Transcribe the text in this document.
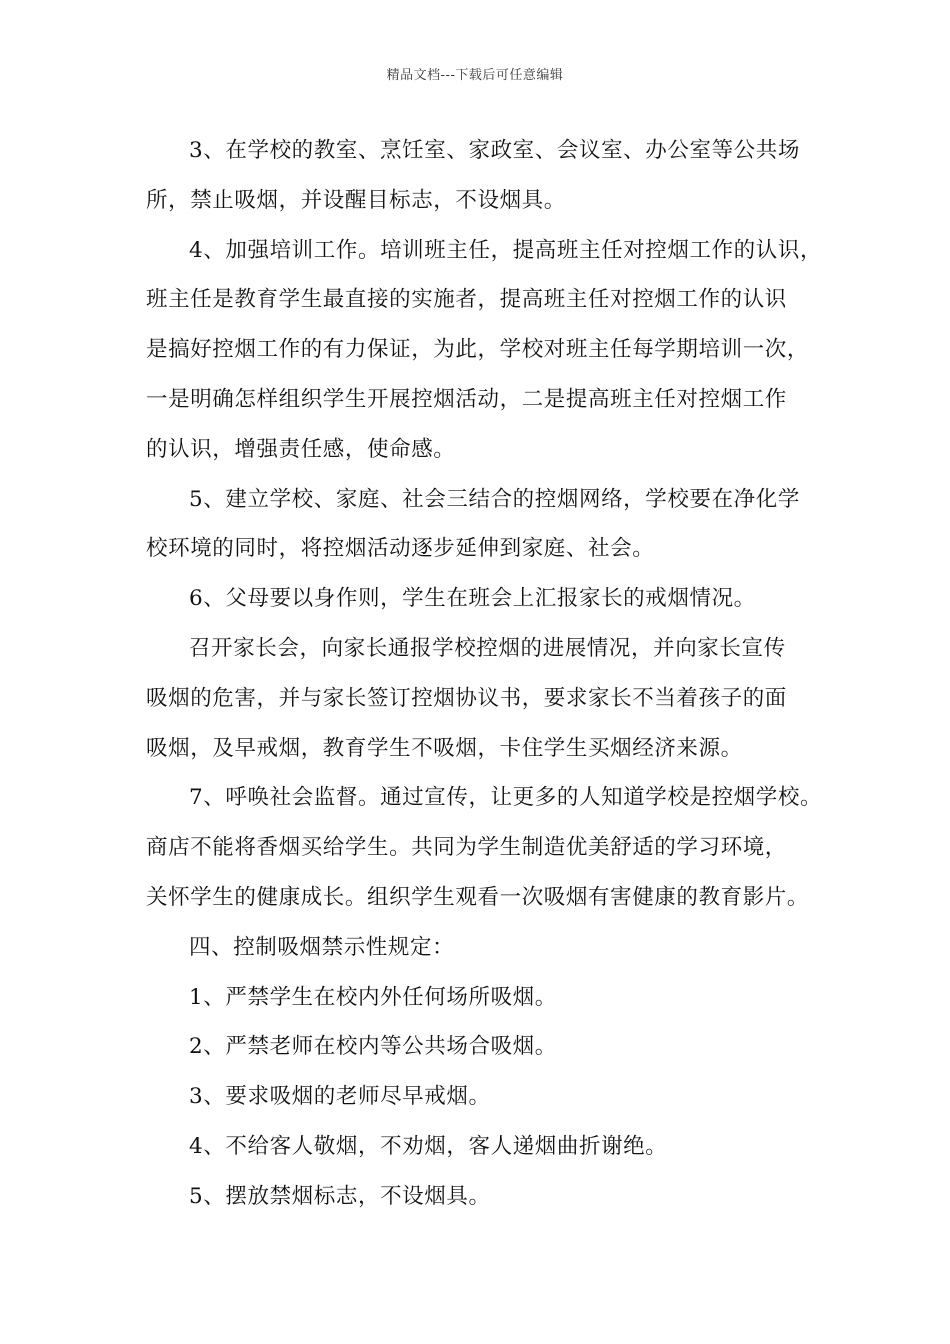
精品文档---下载后可任意编辑
3、在学校的教室、烹饪室、家政室、会议室、办公室等公共场
所，禁止吸烟，并设醒目标志，不设烟具。
4、加强培训工作。培训班主任，提高班主任对控烟工作的认识，
班主任是教育学生最直接的实施者，提高班主任对控烟工作的认识
是搞好控烟工作的有力保证，为此，学校对班主任每学期培训一次，
一是明确怎样组织学生开展控烟活动，二是提高班主任对控烟工作
的认识，增强责任感，使命感。
5、建立学校、家庭、社会三结合的控烟网络，学校要在净化学
校环境的同时，将控烟活动逐步延伸到家庭、社会。
6、父母要以身作则，学生在班会上汇报家长的戒烟情况。
召开家长会，向家长通报学校控烟的进展情况，并向家长宣传
吸烟的危害，并与家长签订控烟协议书，要求家长不当着孩子的面
吸烟，及早戒烟，教育学生不吸烟，卡住学生买烟经济来源。
7、呼唤社会监督。通过宣传，让更多的人知道学校是控烟学校。
商店不能将香烟买给学生。共同为学生制造优美舒适的学习环境，
关怀学生的健康成长。组织学生观看一次吸烟有害健康的教育影片。
四、控制吸烟禁示性规定：
1、严禁学生在校内外任何场所吸烟。
2、严禁老师在校内等公共场合吸烟。
3、要求吸烟的老师尽早戒烟。
4、不给客人敬烟，不劝烟，客人递烟曲折谢绝。
5、摆放禁烟标志，不设烟具。
